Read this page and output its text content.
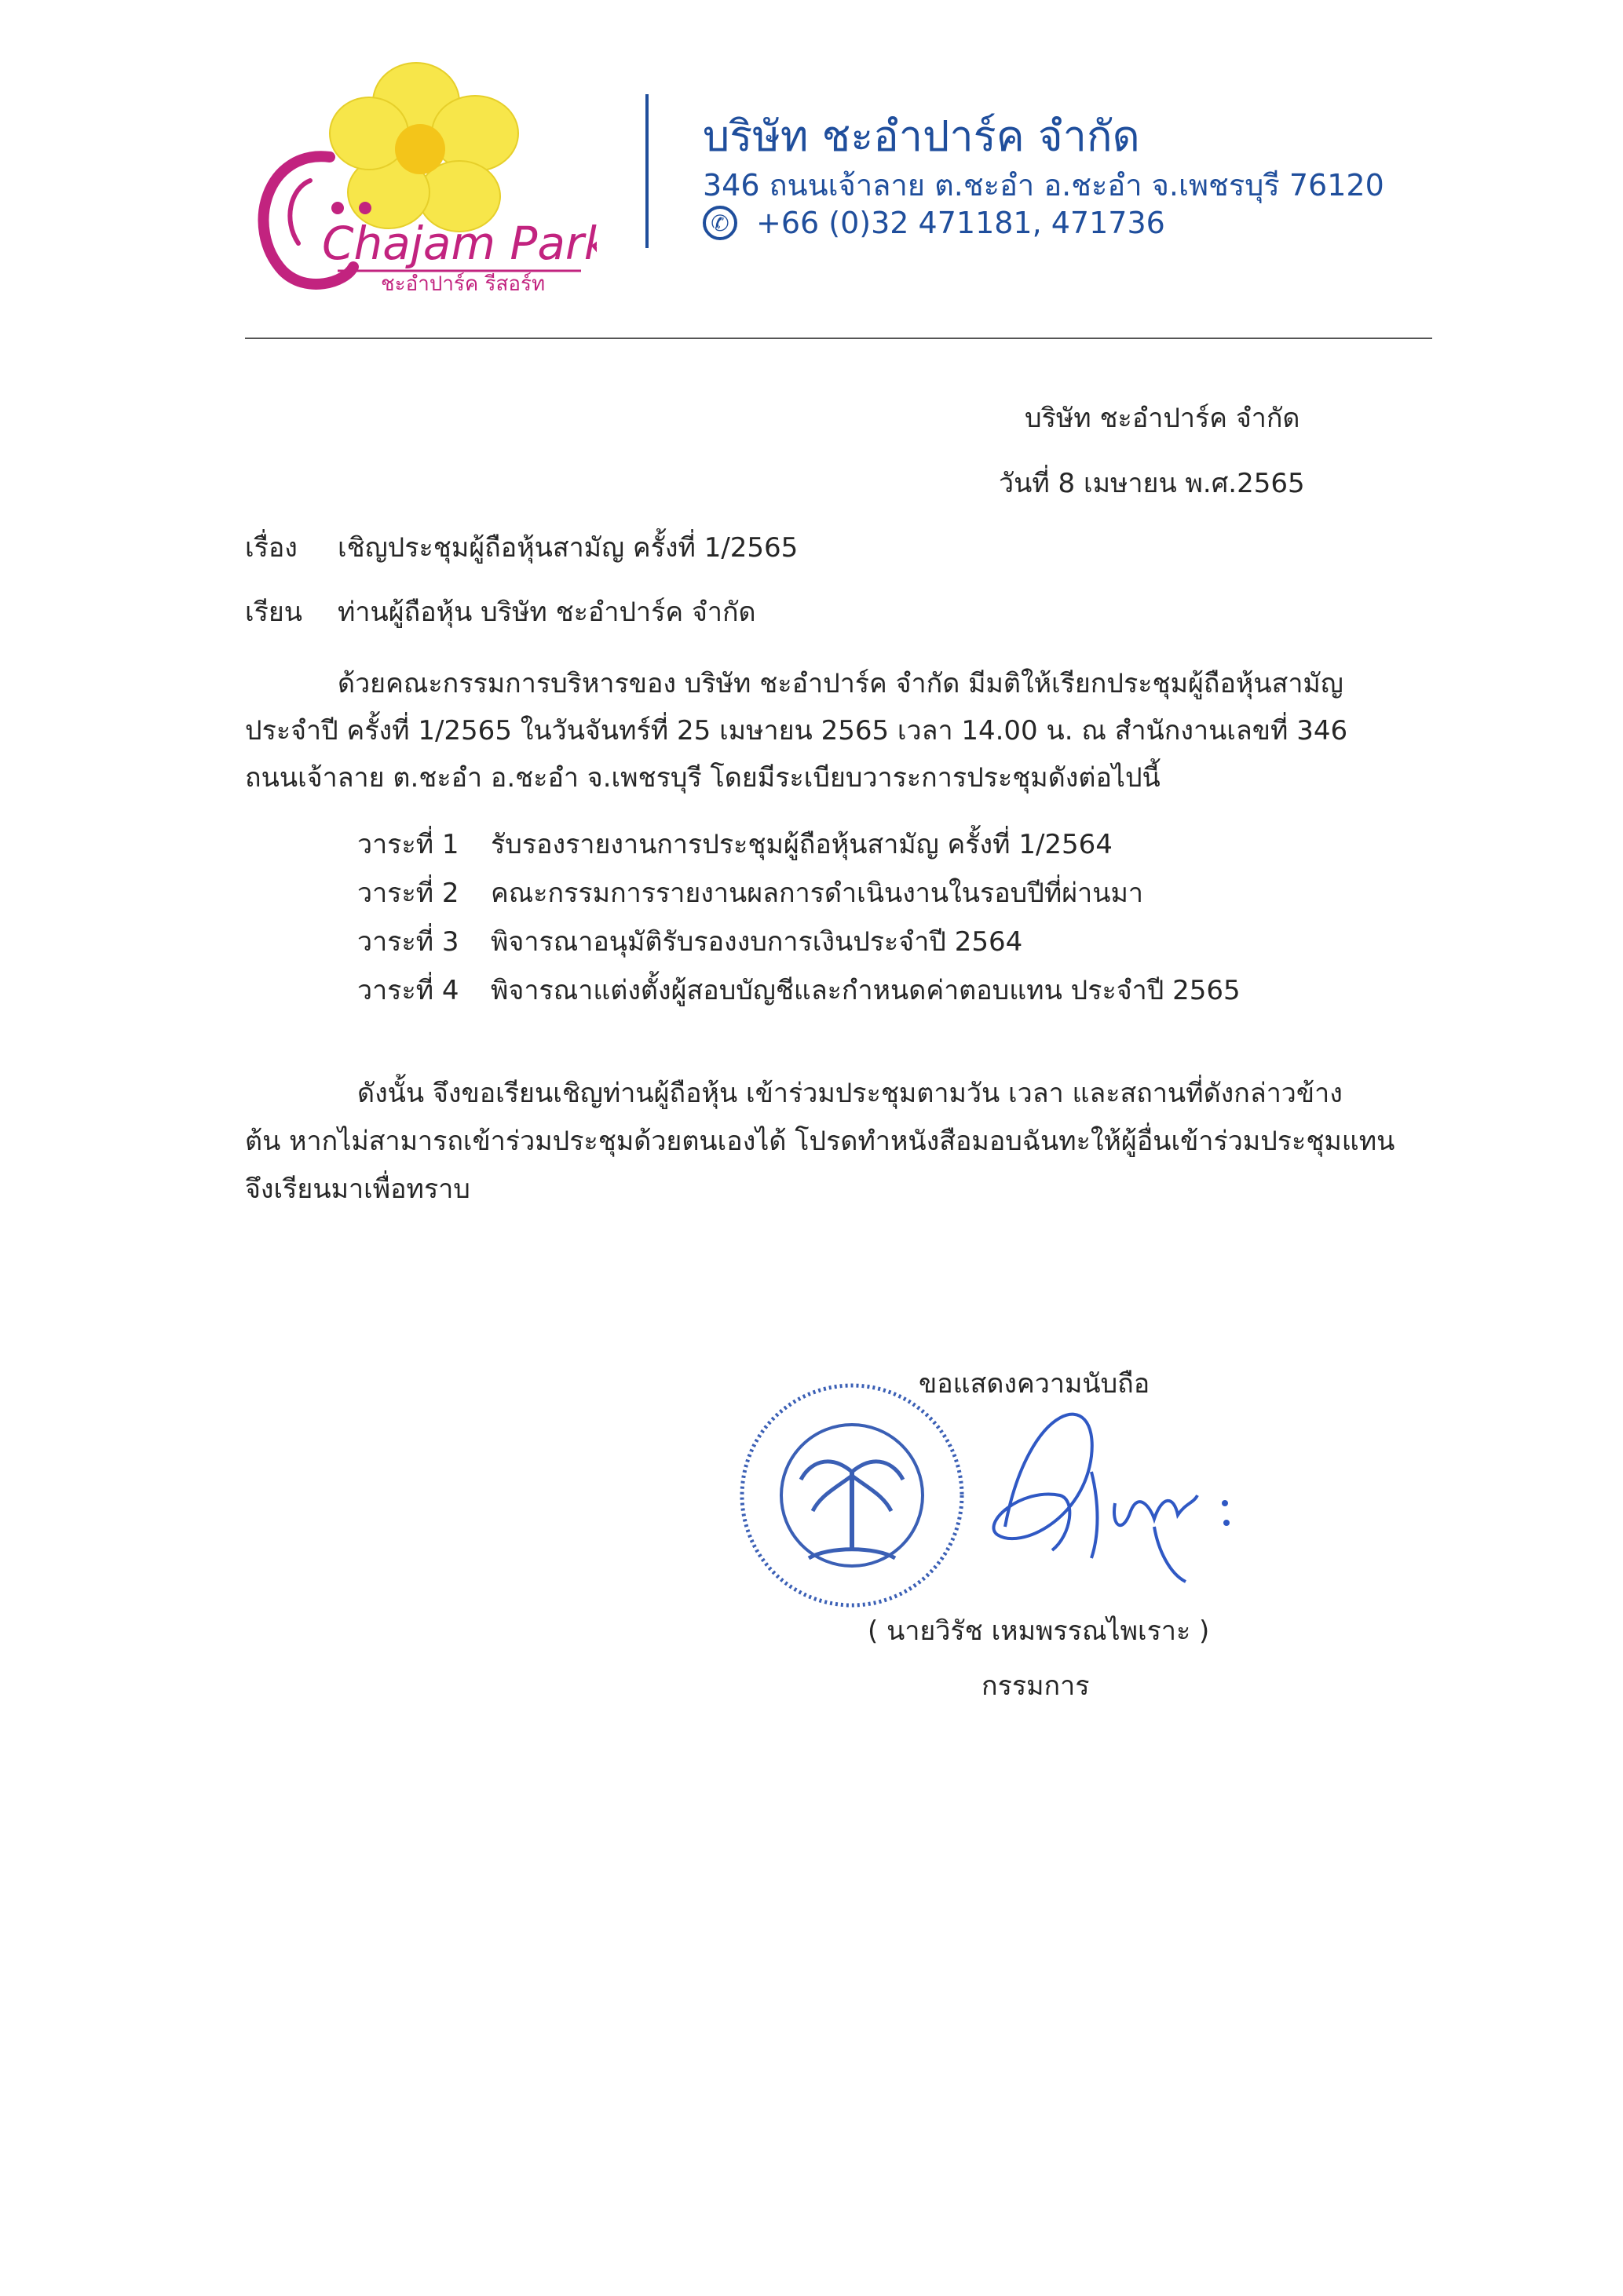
Chajam Park
ชะอำปาร์ค รีสอร์ท
บริษัท ชะอำปาร์ค จำกัด
346 ถนนเจ้าลาย ต.ชะอำ อ.ชะอำ จ.เพชรบุรี 76120
✆ +66 (0)32 471181, 471736
บริษัท ชะอำปาร์ค จำกัด
วันที่ 8 เมษายน พ.ศ.2565
เรื่อง เชิญประชุมผู้ถือหุ้นสามัญ ครั้งที่ 1/2565
เรียน ท่านผู้ถือหุ้น บริษัท ชะอำปาร์ค จำกัด
ด้วยคณะกรรมการบริหารของ บริษัท ชะอำปาร์ค จำกัด มีมติให้เรียกประชุมผู้ถือหุ้นสามัญ
ประจำปี ครั้งที่ 1/2565 ในวันจันทร์ที่ 25 เมษายน 2565 เวลา 14.00 น. ณ สำนักงานเลขที่ 346
ถนนเจ้าลาย ต.ชะอำ อ.ชะอำ จ.เพชรบุรี โดยมีระเบียบวาระการประชุมดังต่อไปนี้
วาระที่ 1 รับรองรายงานการประชุมผู้ถือหุ้นสามัญ ครั้งที่ 1/2564
วาระที่ 2 คณะกรรมการรายงานผลการดำเนินงานในรอบปีที่ผ่านมา
วาระที่ 3 พิจารณาอนุมัติรับรองงบการเงินประจำปี 2564
วาระที่ 4 พิจารณาแต่งตั้งผู้สอบบัญชีและกำหนดค่าตอบแทน ประจำปี 2565
ดังนั้น จึงขอเรียนเชิญท่านผู้ถือหุ้น เข้าร่วมประชุมตามวัน เวลา และสถานที่ดังกล่าวข้าง
ต้น หากไม่สามารถเข้าร่วมประชุมด้วยตนเองได้ โปรดทำหนังสือมอบฉันทะให้ผู้อื่นเข้าร่วมประชุมแทน
จึงเรียนมาเพื่อทราบ
ขอแสดงความนับถือ
( นายวิรัช เหมพรรณไพเราะ )
กรรมการ
